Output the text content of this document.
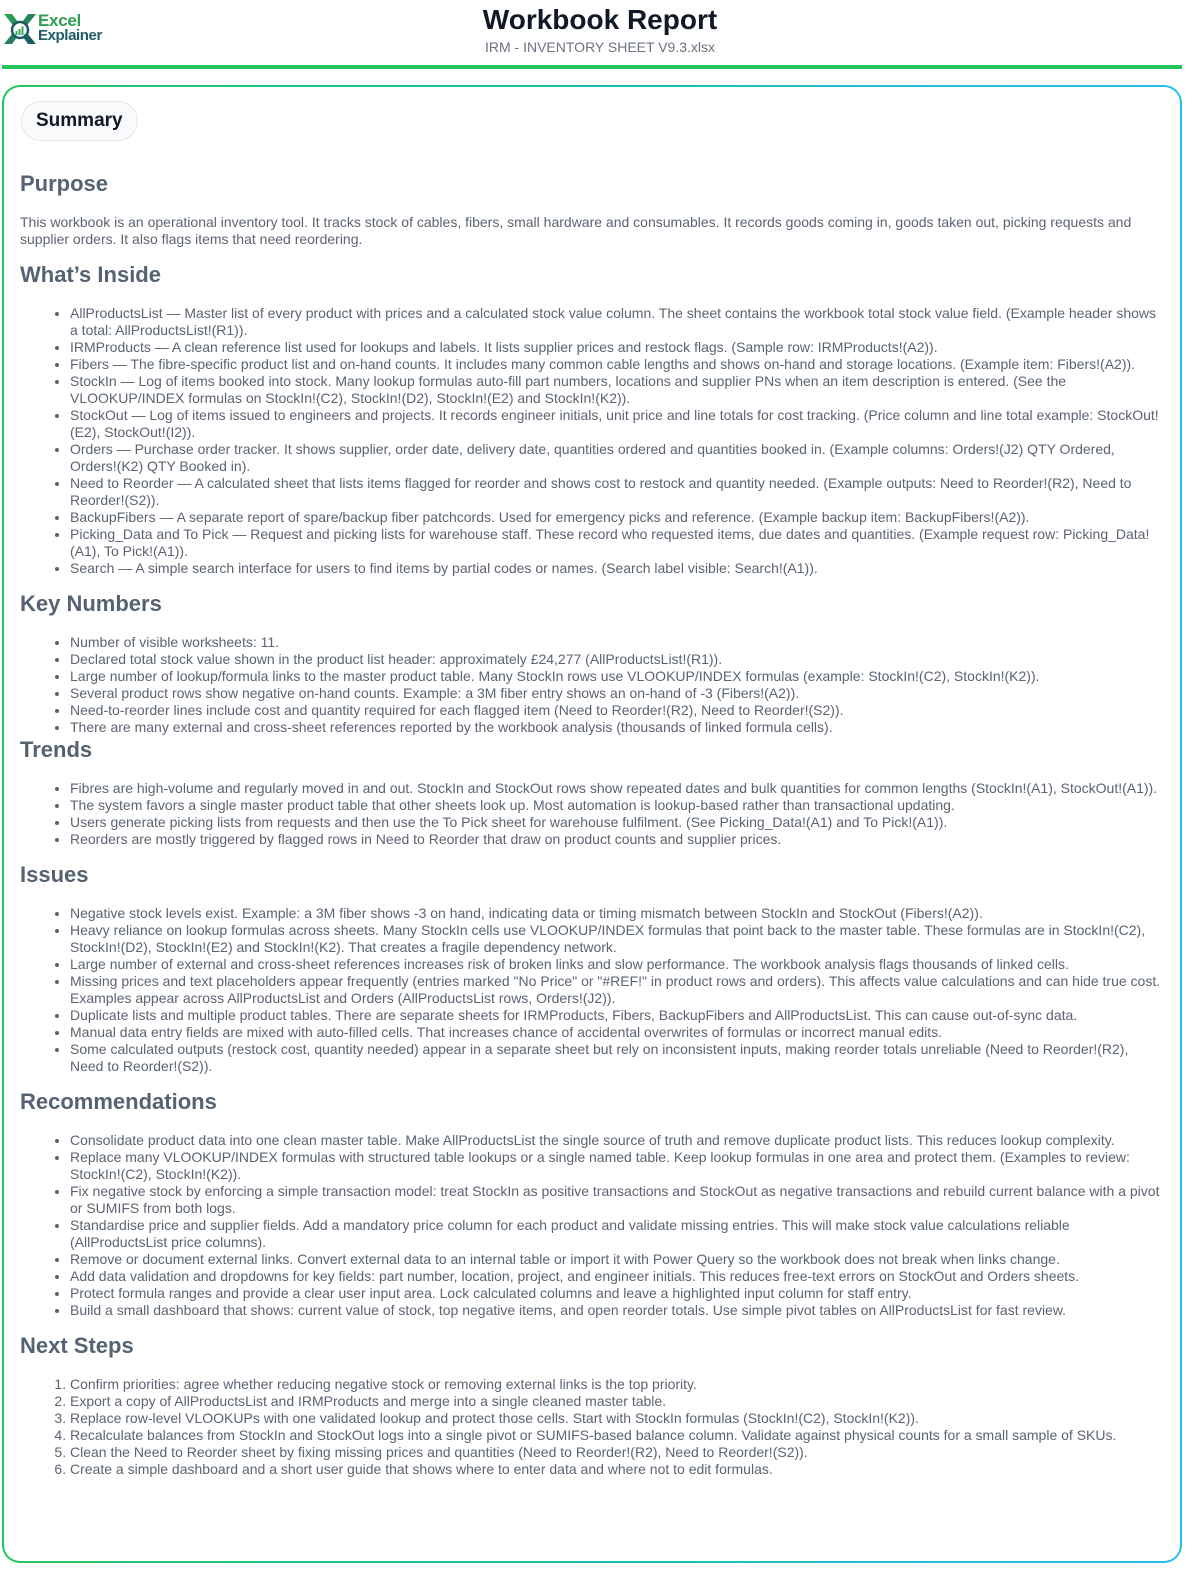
Excel
Explainer
Workbook Report
IRM - INVENTORY SHEET V9.3.xlsx
Summary
Purpose

This workbook is an operational inventory tool. It tracks stock of cables, fibers, small hardware and consumables. It records goods coming in, goods taken out, picking requests and supplier orders. It also flags items that need reordering.

What’s Inside
• AllProductsList — Master list of every product with prices and a calculated stock value column. The sheet contains the workbook total stock value field. (Example header shows a total: AllProductsList!(R1)).
• IRMProducts — A clean reference list used for lookups and labels. It lists supplier prices and restock flags. (Sample row: IRMProducts!(A2)).
• Fibers — The fibre-specific product list and on-hand counts. It includes many common cable lengths and shows on-hand and storage locations. (Example item: Fibers!(A2)).
• StockIn — Log of items booked into stock. Many lookup formulas auto-fill part numbers, locations and supplier PNs when an item description is entered. (See the VLOOKUP/INDEX formulas on StockIn!(C2), StockIn!(D2), StockIn!(E2) and StockIn!(K2)).
• StockOut — Log of items issued to engineers and projects. It records engineer initials, unit price and line totals for cost tracking. (Price column and line total example: StockOut!(E2), StockOut!(I2)).
• Orders — Purchase order tracker. It shows supplier, order date, delivery date, quantities ordered and quantities booked in. (Example columns: Orders!(J2) QTY Ordered, Orders!(K2) QTY Booked in).
• Need to Reorder — A calculated sheet that lists items flagged for reorder and shows cost to restock and quantity needed. (Example outputs: Need to Reorder!(R2), Need to Reorder!(S2)).
• BackupFibers — A separate report of spare/backup fiber patchcords. Used for emergency picks and reference. (Example backup item: BackupFibers!(A2)).
• Picking_Data and To Pick — Request and picking lists for warehouse staff. These record who requested items, due dates and quantities. (Example request row: Picking_Data!(A1), To Pick!(A1)).
• Search — A simple search interface for users to find items by partial codes or names. (Search label visible: Search!(A1)).
Key Numbers
• Number of visible worksheets: 11.
• Declared total stock value shown in the product list header: approximately £24,277 (AllProductsList!(R1)).
• Large number of lookup/formula links to the master product table. Many StockIn rows use VLOOKUP/INDEX formulas (example: StockIn!(C2), StockIn!(K2)).
• Several product rows show negative on-hand counts. Example: a 3M fiber entry shows an on-hand of -3 (Fibers!(A2)).
• Need-to-reorder lines include cost and quantity required for each flagged item (Need to Reorder!(R2), Need to Reorder!(S2)).
• There are many external and cross-sheet references reported by the workbook analysis (thousands of linked formula cells).
Trends
• Fibres are high-volume and regularly moved in and out. StockIn and StockOut rows show repeated dates and bulk quantities for common lengths (StockIn!(A1), StockOut!(A1)).
• The system favors a single master product table that other sheets look up. Most automation is lookup-based rather than transactional updating.
• Users generate picking lists from requests and then use the To Pick sheet for warehouse fulfilment. (See Picking_Data!(A1) and To Pick!(A1)).
• Reorders are mostly triggered by flagged rows in Need to Reorder that draw on product counts and supplier prices.
Issues
• Negative stock levels exist. Example: a 3M fiber shows -3 on hand, indicating data or timing mismatch between StockIn and StockOut (Fibers!(A2)).
• Heavy reliance on lookup formulas across sheets. Many StockIn cells use VLOOKUP/INDEX formulas that point back to the master table. These formulas are in StockIn!(C2), StockIn!(D2), StockIn!(E2) and StockIn!(K2). That creates a fragile dependency network.
• Large number of external and cross-sheet references increases risk of broken links and slow performance. The workbook analysis flags thousands of linked cells.
• Missing prices and text placeholders appear frequently (entries marked "No Price" or "#REF!" in product rows and orders). This affects value calculations and can hide true cost. Examples appear across AllProductsList and Orders (AllProductsList rows, Orders!(J2)).
• Duplicate lists and multiple product tables. There are separate sheets for IRMProducts, Fibers, BackupFibers and AllProductsList. This can cause out-of-sync data.
• Manual data entry fields are mixed with auto-filled cells. That increases chance of accidental overwrites of formulas or incorrect manual edits.
• Some calculated outputs (restock cost, quantity needed) appear in a separate sheet but rely on inconsistent inputs, making reorder totals unreliable (Need to Reorder!(R2), Need to Reorder!(S2)).
Recommendations
• Consolidate product data into one clean master table. Make AllProductsList the single source of truth and remove duplicate product lists. This reduces lookup complexity.
• Replace many VLOOKUP/INDEX formulas with structured table lookups or a single named table. Keep lookup formulas in one area and protect them. (Examples to review: StockIn!(C2), StockIn!(K2)).
• Fix negative stock by enforcing a simple transaction model: treat StockIn as positive transactions and StockOut as negative transactions and rebuild current balance with a pivot or SUMIFS from both logs.
• Standardise price and supplier fields. Add a mandatory price column for each product and validate missing entries. This will make stock value calculations reliable (AllProductsList price columns).
• Remove or document external links. Convert external data to an internal table or import it with Power Query so the workbook does not break when links change.
• Add data validation and dropdowns for key fields: part number, location, project, and engineer initials. This reduces free-text errors on StockOut and Orders sheets.
• Protect formula ranges and provide a clear user input area. Lock calculated columns and leave a highlighted input column for staff entry.
• Build a small dashboard that shows: current value of stock, top negative items, and open reorder totals. Use simple pivot tables on AllProductsList for fast review.
Next Steps
1. Confirm priorities: agree whether reducing negative stock or removing external links is the top priority.
2. Export a copy of AllProductsList and IRMProducts and merge into a single cleaned master table.
3. Replace row-level VLOOKUPs with one validated lookup and protect those cells. Start with StockIn formulas (StockIn!(C2), StockIn!(K2)).
4. Recalculate balances from StockIn and StockOut logs into a single pivot or SUMIFS-based balance column. Validate against physical counts for a small sample of SKUs.
5. Clean the Need to Reorder sheet by fixing missing prices and quantities (Need to Reorder!(R2), Need to Reorder!(S2)).
6. Create a simple dashboard and a short user guide that shows where to enter data and where not to edit formulas.
